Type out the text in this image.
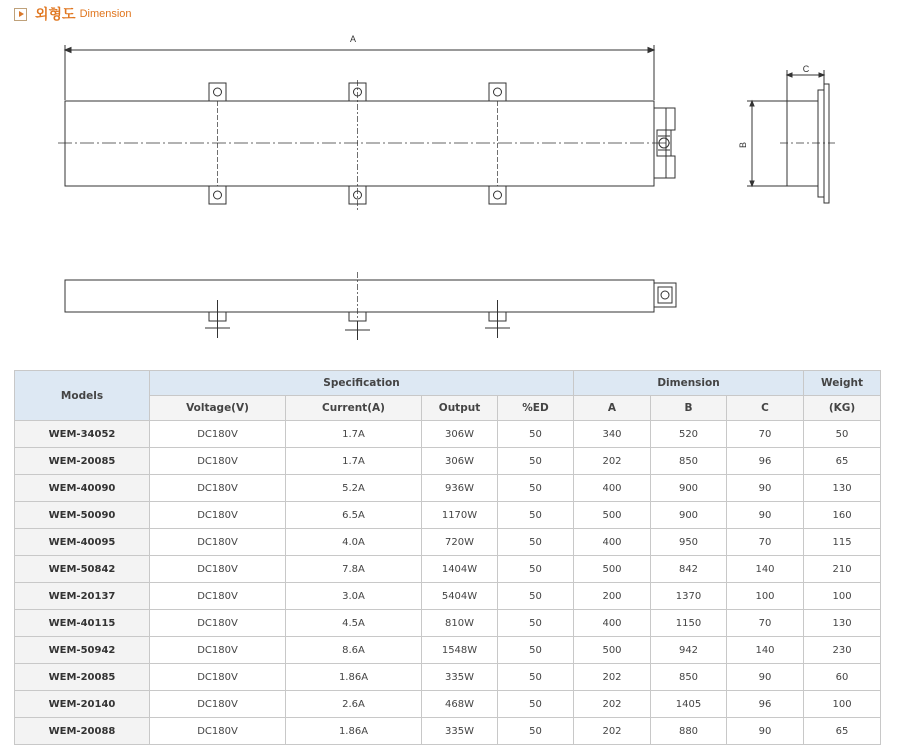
외형도 Dimension
A
C
B
Models	Specification				Dimension			Weight
	Voltage(V)	Current(A)	Output	%ED	A	B	C	(KG)
WEM-34052	DC180V	1.7A	306W	50	340	520	70	50
WEM-20085	DC180V	1.7A	306W	50	202	850	96	65
WEM-40090	DC180V	5.2A	936W	50	400	900	90	130
WEM-50090	DC180V	6.5A	1170W	50	500	900	90	160
WEM-40095	DC180V	4.0A	720W	50	400	950	70	115
WEM-50842	DC180V	7.8A	1404W	50	500	842	140	210
WEM-20137	DC180V	3.0A	5404W	50	200	1370	100	100
WEM-40115	DC180V	4.5A	810W	50	400	1150	70	130
WEM-50942	DC180V	8.6A	1548W	50	500	942	140	230
WEM-20085	DC180V	1.86A	335W	50	202	850	90	60
WEM-20140	DC180V	2.6A	468W	50	202	1405	96	100
WEM-20088	DC180V	1.86A	335W	50	202	880	90	65
